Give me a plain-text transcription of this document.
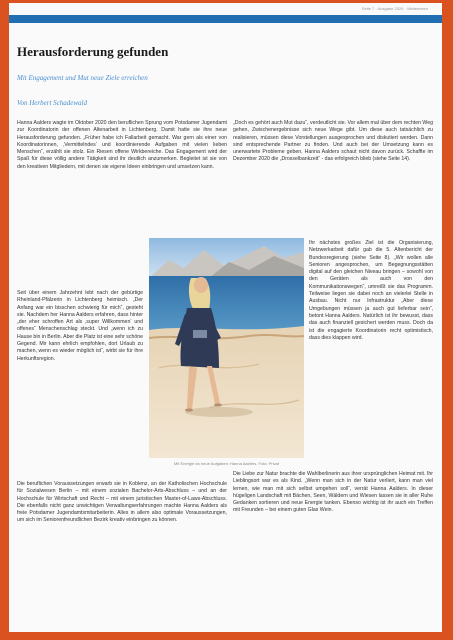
Seite 7 · Ausgabe 2020 · Weiterlesen
Herausforderung gefunden
Mit Engagement und Mut neue Ziele erreichen
Von Herbert Schadewald

Hanna Aalders wagte im Oktober 2020 den beruflichen Sprung vom Potsdamer Jugendamt zur Koordinatorin der offenen Altenarbeit in Lichtenberg. Damit hatte sie ihre neue Herausforderung gefunden. „Früher habe ich Fallarbeit gemacht. War gern als einer von Koordinatorinnen, ‚Vermittelndes‘ und koordinierende Aufgaben mit vielen lieben Menschen“, erzählt sie stolz. Ein Riesen offene Wirkbereiche. Das Engagement wird der Spaß für diese völlig andere Tätigkeit sind ihr deutlich anzumerken. Begleitet ist sie von den kreativen Mitgliedern, mit denen sie eigene Ideen einbringen und umsetzen kann.

Seit über einem Jahrzehnt lebt nach der gebürtige Rheinland-Pfälzerin in Lichtenberg heimisch. „Der Anfang war ein bisschen schwierig für mich“, gesteht sie. Nachdem her Hanna Aalders erfahren, dass hinter „der eher schroffen Art als ‚super Willkommen‘ und offenes“ Menschenschlag steckt. Und „wenn ich zu Hause bin in Berlin. Aber die Platz ist eine sehr schöne Gegend. Mir kann ehrlich empfohlen, dort Urlaub zu machen, wenn es wieder möglich ist“, wirbt sie für ihre Herkunftsregion.

Die beruflichen Voraussetzungen erwarb sie in Koblenz, an der Katholischen Hochschule für Sozialwesen Berlin – mit einem sozialen Bachelor-Arts-Abschluss – und an der Hochschule für Wirtschaft und Recht – mit einem juristischen Master-of-Laws-Abschluss. Die ebenfalls nicht ganz unwichtigen Verwaltungserfahrungen machte Hanna Aalders als freie Potsdamer Jugendamtsmitarbeiterin. Alles in allem also optimale Voraussetzungen, um sich im Seniorenfreundlichen Bezirk kreativ einbringen zu können.

„Doch es gehört auch Mut dazu“, verdeutlicht sie. Vor allem mal über dem rechten Weg gehen, Zwischenergebnisse sich neue Wege gibt. Um diese auch tatsächlich zu realisieren, müssen diese Vorstellungen ausgesprochen und diskutiert werden. Dann sind entsprechende Partner zu finden. Und auch bei der Umsetzung kann es unerwartete Probleme geben. Hanna Aalders schaut nicht davon zurück. Schaffte im Dezember 2020 die „Drosselbankzeit“ - das erfolgreich blieb (siehe Seite 14).

Ihr nächstes großes Ziel ist die Organisierung, Netzwerkarbeit dafür gab die 5. Altenbericht der Bundesregierung (siehe Seite 8). „Wir wollen alle Senioren angesprochen, um Begegnungsstätten digital auf den gleichen Niveau bringen – sowohl von den Geräten als auch von den Kommunikationswegen“, umreißt sie das Programm. Teilweise liegen sie dabei noch an vielerlei Stelle in Ausbau. Nicht nur Infrastruktur „Aber diese Umgebungen müssen ja auch gut lieferbar sein“, betont Hanna Aalders. Natürlich ist ihr bewusst, dass das auch finanziell gesichert werden muss. Doch da ist die engagierte Koordinatorin recht optimistisch, dass dies klappen wird.

Die Liebe zur Natur brachte die Wahlberlinerin aus ihrer ursprünglichen Heimat mit. Ihr Lieblingsort war es als Kind. „Wenn man sich in der Natur verliert, kann man viel lernen, wie man mit sich selbst umgehen soll“, verrät Hanna Aalders. In dieser hügeligen Landschaft mit Bächen, Seen, Wäldern und Wiesen lassen sie in aller Ruhe Gedanken sortieren und neue Energie tanken. Ebenso wichtig ist ihr auch ein Treffen mit Freunden – bei einem guten Glas Wein.

Mit Energie an neue Aufgaben: Hanna Aalders. Foto: Privat
